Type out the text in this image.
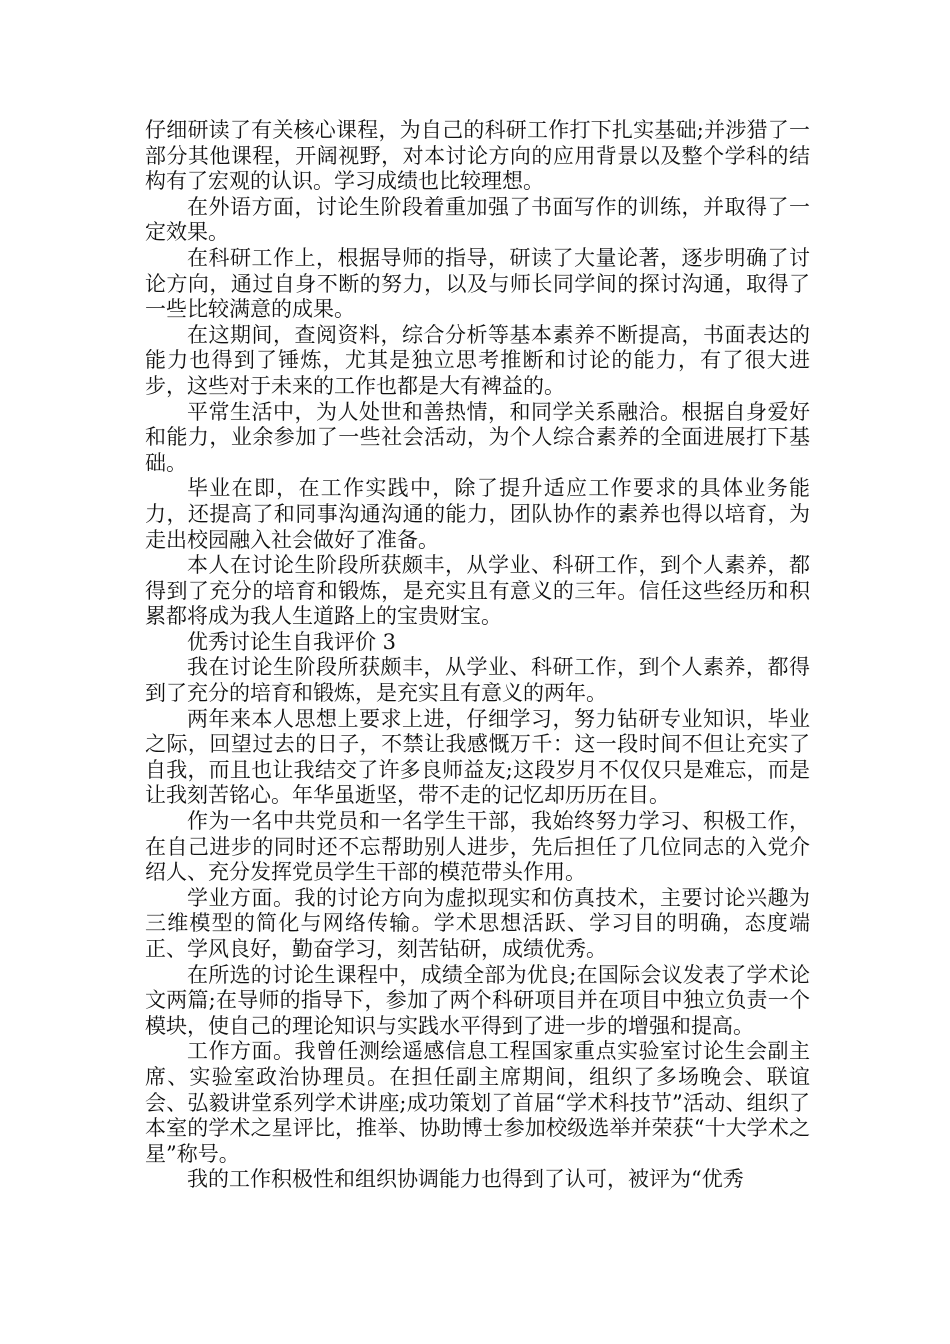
仔细研读了有关核心课程，为自己的科研工作打下扎实基础;并涉猎了一部分其他课程，开阔视野，对本讨论方向的应用背景以及整个学科的结构有了宏观的认识。学习成绩也比较理想。

在外语方面，讨论生阶段着重加强了书面写作的训练，并取得了一定效果。

在科研工作上，根据导师的指导，研读了大量论著，逐步明确了讨论方向，通过自身不断的努力，以及与师长同学间的探讨沟通，取得了一些比较满意的成果。

在这期间，查阅资料，综合分析等基本素养不断提高，书面表达的能力也得到了锤炼，尤其是独立思考推断和讨论的能力，有了很大进步，这些对于未来的工作也都是大有裨益的。

平常生活中，为人处世和善热情，和同学关系融洽。根据自身爱好和能力，业余参加了一些社会活动，为个人综合素养的全面进展打下基础。

毕业在即，在工作实践中，除了提升适应工作要求的具体业务能力，还提高了和同事沟通沟通的能力，团队协作的素养也得以培育，为走出校园融入社会做好了准备。

本人在讨论生阶段所获颇丰，从学业、科研工作，到个人素养，都得到了充分的培育和锻炼，是充实且有意义的三年。信任这些经历和积累都将成为我人生道路上的宝贵财宝。

优秀讨论生自我评价 3

我在讨论生阶段所获颇丰，从学业、科研工作，到个人素养，都得到了充分的培育和锻炼，是充实且有意义的两年。

两年来本人思想上要求上进，仔细学习，努力钻研专业知识，毕业之际，回望过去的日子，不禁让我感慨万千：这一段时间不但让充实了自我，而且也让我结交了许多良师益友;这段岁月不仅仅只是难忘，而是让我刻苦铭心。年华虽逝坚，带不走的记忆却历历在目。

作为一名中共党员和一名学生干部，我始终努力学习、积极工作，在自己进步的同时还不忘帮助别人进步，先后担任了几位同志的入党介绍人、充分发挥党员学生干部的模范带头作用。

学业方面。我的讨论方向为虚拟现实和仿真技术，主要讨论兴趣为三维模型的简化与网络传输。学术思想活跃、学习目的明确，态度端正、学风良好，勤奋学习，刻苦钻研，成绩优秀。

在所选的讨论生课程中，成绩全部为优良;在国际会议发表了学术论文两篇;在导师的指导下，参加了两个科研项目并在项目中独立负责一个模块，使自己的理论知识与实践水平得到了进一步的增强和提高。

工作方面。我曾任测绘遥感信息工程国家重点实验室讨论生会副主席、实验室政治协理员。在担任副主席期间，组织了多场晚会、联谊会、弘毅讲堂系列学术讲座;成功策划了首届“学术科技节”活动、组织了本室的学术之星评比，推举、协助博士参加校级选举并荣获“十大学术之星”称号。

我的工作积极性和组织协调能力也得到了认可，被评为“优秀
